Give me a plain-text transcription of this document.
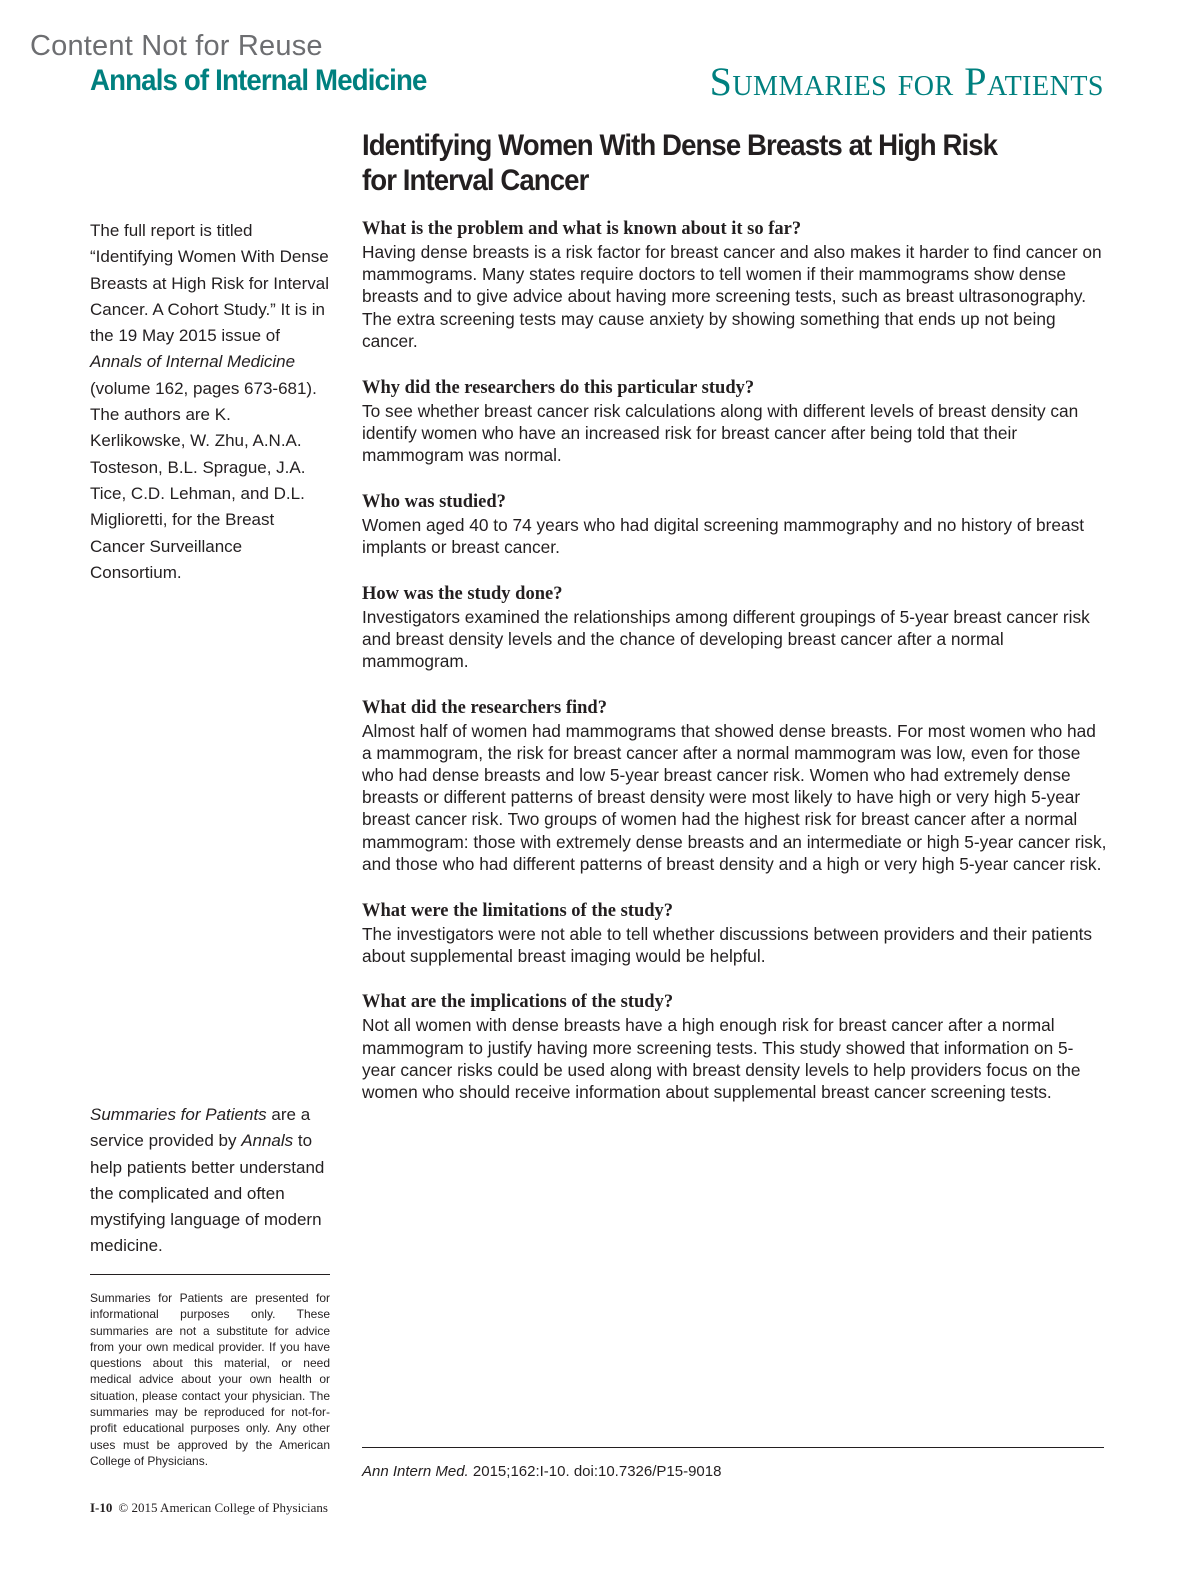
Content Not for Reuse
Annals of Internal Medicine	Summaries for Patients
Identifying Women With Dense Breasts at High Risk for Interval Cancer
The full report is titled “Identifying Women With Dense Breasts at High Risk for Interval Cancer. A Cohort Study.” It is in the 19 May 2015 issue of Annals of Internal Medicine (volume 162, pages 673-681). The authors are K. Kerlikowske, W. Zhu, A.N.A. Tosteson, B.L. Sprague, J.A. Tice, C.D. Lehman, and D.L. Miglioretti, for the Breast Cancer Surveillance Consortium.
Summaries for Patients are a service provided by Annals to help patients better understand the complicated and often mystifying language of modern medicine.
Summaries for Patients are presented for informational purposes only. These summaries are not a substitute for advice from your own medical provider. If you have questions about this material, or need medical advice about your own health or situation, please contact your physician. The summaries may be reproduced for not-for-profit educational purposes only. Any other uses must be approved by the American College of Physicians.
What is the problem and what is known about it so far?
Having dense breasts is a risk factor for breast cancer and also makes it harder to find cancer on mammograms. Many states require doctors to tell women if their mammograms show dense breasts and to give advice about having more screening tests, such as breast ultrasonography. The extra screening tests may cause anxiety by showing something that ends up not being cancer.
Why did the researchers do this particular study?
To see whether breast cancer risk calculations along with different levels of breast density can identify women who have an increased risk for breast cancer after being told that their mammogram was normal.
Who was studied?
Women aged 40 to 74 years who had digital screening mammography and no history of breast implants or breast cancer.
How was the study done?
Investigators examined the relationships among different groupings of 5-year breast cancer risk and breast density levels and the chance of developing breast cancer after a normal mammogram.
What did the researchers find?
Almost half of women had mammograms that showed dense breasts. For most women who had a mammogram, the risk for breast cancer after a normal mammogram was low, even for those who had dense breasts and low 5-year breast cancer risk. Women who had extremely dense breasts or different patterns of breast density were most likely to have high or very high 5-year breast cancer risk. Two groups of women had the highest risk for breast cancer after a normal mammogram: those with extremely dense breasts and an intermediate or high 5-year cancer risk, and those who had different patterns of breast density and a high or very high 5-year cancer risk.
What were the limitations of the study?
The investigators were not able to tell whether discussions between providers and their patients about supplemental breast imaging would be helpful.
What are the implications of the study?
Not all women with dense breasts have a high enough risk for breast cancer after a normal mammogram to justify having more screening tests. This study showed that information on 5-year cancer risks could be used along with breast density levels to help providers focus on the women who should receive information about supplemental breast cancer screening tests.
Ann Intern Med. 2015;162:I-10. doi:10.7326/P15-9018
I-10 © 2015 American College of Physicians
